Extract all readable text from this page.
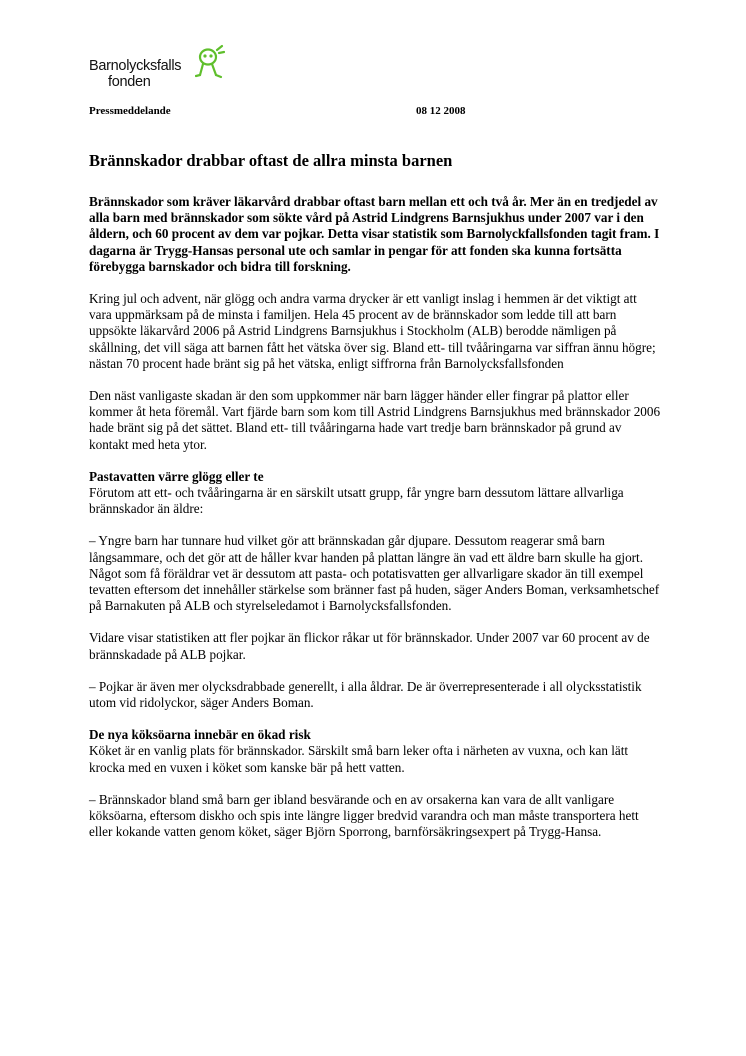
Barnolycksfalls
fonden
Pressmeddelande	08 12 2008
Brännskador drabbar oftast de allra minsta barnen

Brännskador som kräver läkarvård drabbar oftast barn mellan ett och två år. Mer än en tredjedel av alla barn med brännskador som sökte vård på Astrid Lindgrens Barnsjukhus under 2007 var i den åldern, och 60 procent av dem var pojkar. Detta visar statistik som Barnolyckfallsfonden tagit fram. I dagarna är Trygg-Hansas personal ute och samlar in pengar för att fonden ska kunna fortsätta förebygga barnskador och bidra till forskning.

Kring jul och advent, när glögg och andra varma drycker är ett vanligt inslag i hemmen är det viktigt att vara uppmärksam på de minsta i familjen. Hela 45 procent av de brännskador som ledde till att barn uppsökte läkarvård 2006 på Astrid Lindgrens Barnsjukhus i Stockholm (ALB) berodde nämligen på skållning, det vill säga att barnen fått het vätska över sig. Bland ett- till tvååringarna var siffran ännu högre; nästan 70 procent hade bränt sig på het vätska, enligt siffrorna från Barnolycksfallsfonden

Den näst vanligaste skadan är den som uppkommer när barn lägger händer eller fingrar på plattor eller kommer åt heta föremål. Vart fjärde barn som kom till Astrid Lindgrens Barnsjukhus med brännskador 2006 hade bränt sig på det sättet. Bland ett- till tvååringarna hade vart tredje barn brännskador på grund av kontakt med heta ytor.

Pastavatten värre glögg eller te

Förutom att ett- och tvååringarna är en särskilt utsatt grupp, får yngre barn dessutom lättare allvarliga brännskador än äldre:

– Yngre barn har tunnare hud vilket gör att brännskadan går djupare. Dessutom reagerar små barn långsammare, och det gör att de håller kvar handen på plattan längre än vad ett äldre barn skulle ha gjort. Något som få föräldrar vet är dessutom att pasta- och potatisvatten ger allvarligare skador än till exempel tevatten eftersom det innehåller stärkelse som bränner fast på huden, säger Anders Boman, verksamhetschef på Barnakuten på ALB och styrelseledamot i Barnolycksfallsfonden.

Vidare visar statistiken att fler pojkar än flickor råkar ut för brännskador. Under 2007 var 60 procent av de brännskadade på ALB pojkar.

– Pojkar är även mer olycksdrabbade generellt, i alla åldrar. De är överrepresenterade i all olycksstatistik utom vid ridolyckor, säger Anders Boman.

De nya köksöarna innebär en ökad risk

Köket är en vanlig plats för brännskador. Särskilt små barn leker ofta i närheten av vuxna, och kan lätt krocka med en vuxen i köket som kanske bär på hett vatten.

– Brännskador bland små barn ger ibland besvärande och en av orsakerna kan vara de allt vanligare köksöarna, eftersom diskho och spis inte längre ligger bredvid varandra och man måste transportera hett eller kokande vatten genom köket, säger Björn Sporrong, barnförsäkringsexpert på Trygg-Hansa.
